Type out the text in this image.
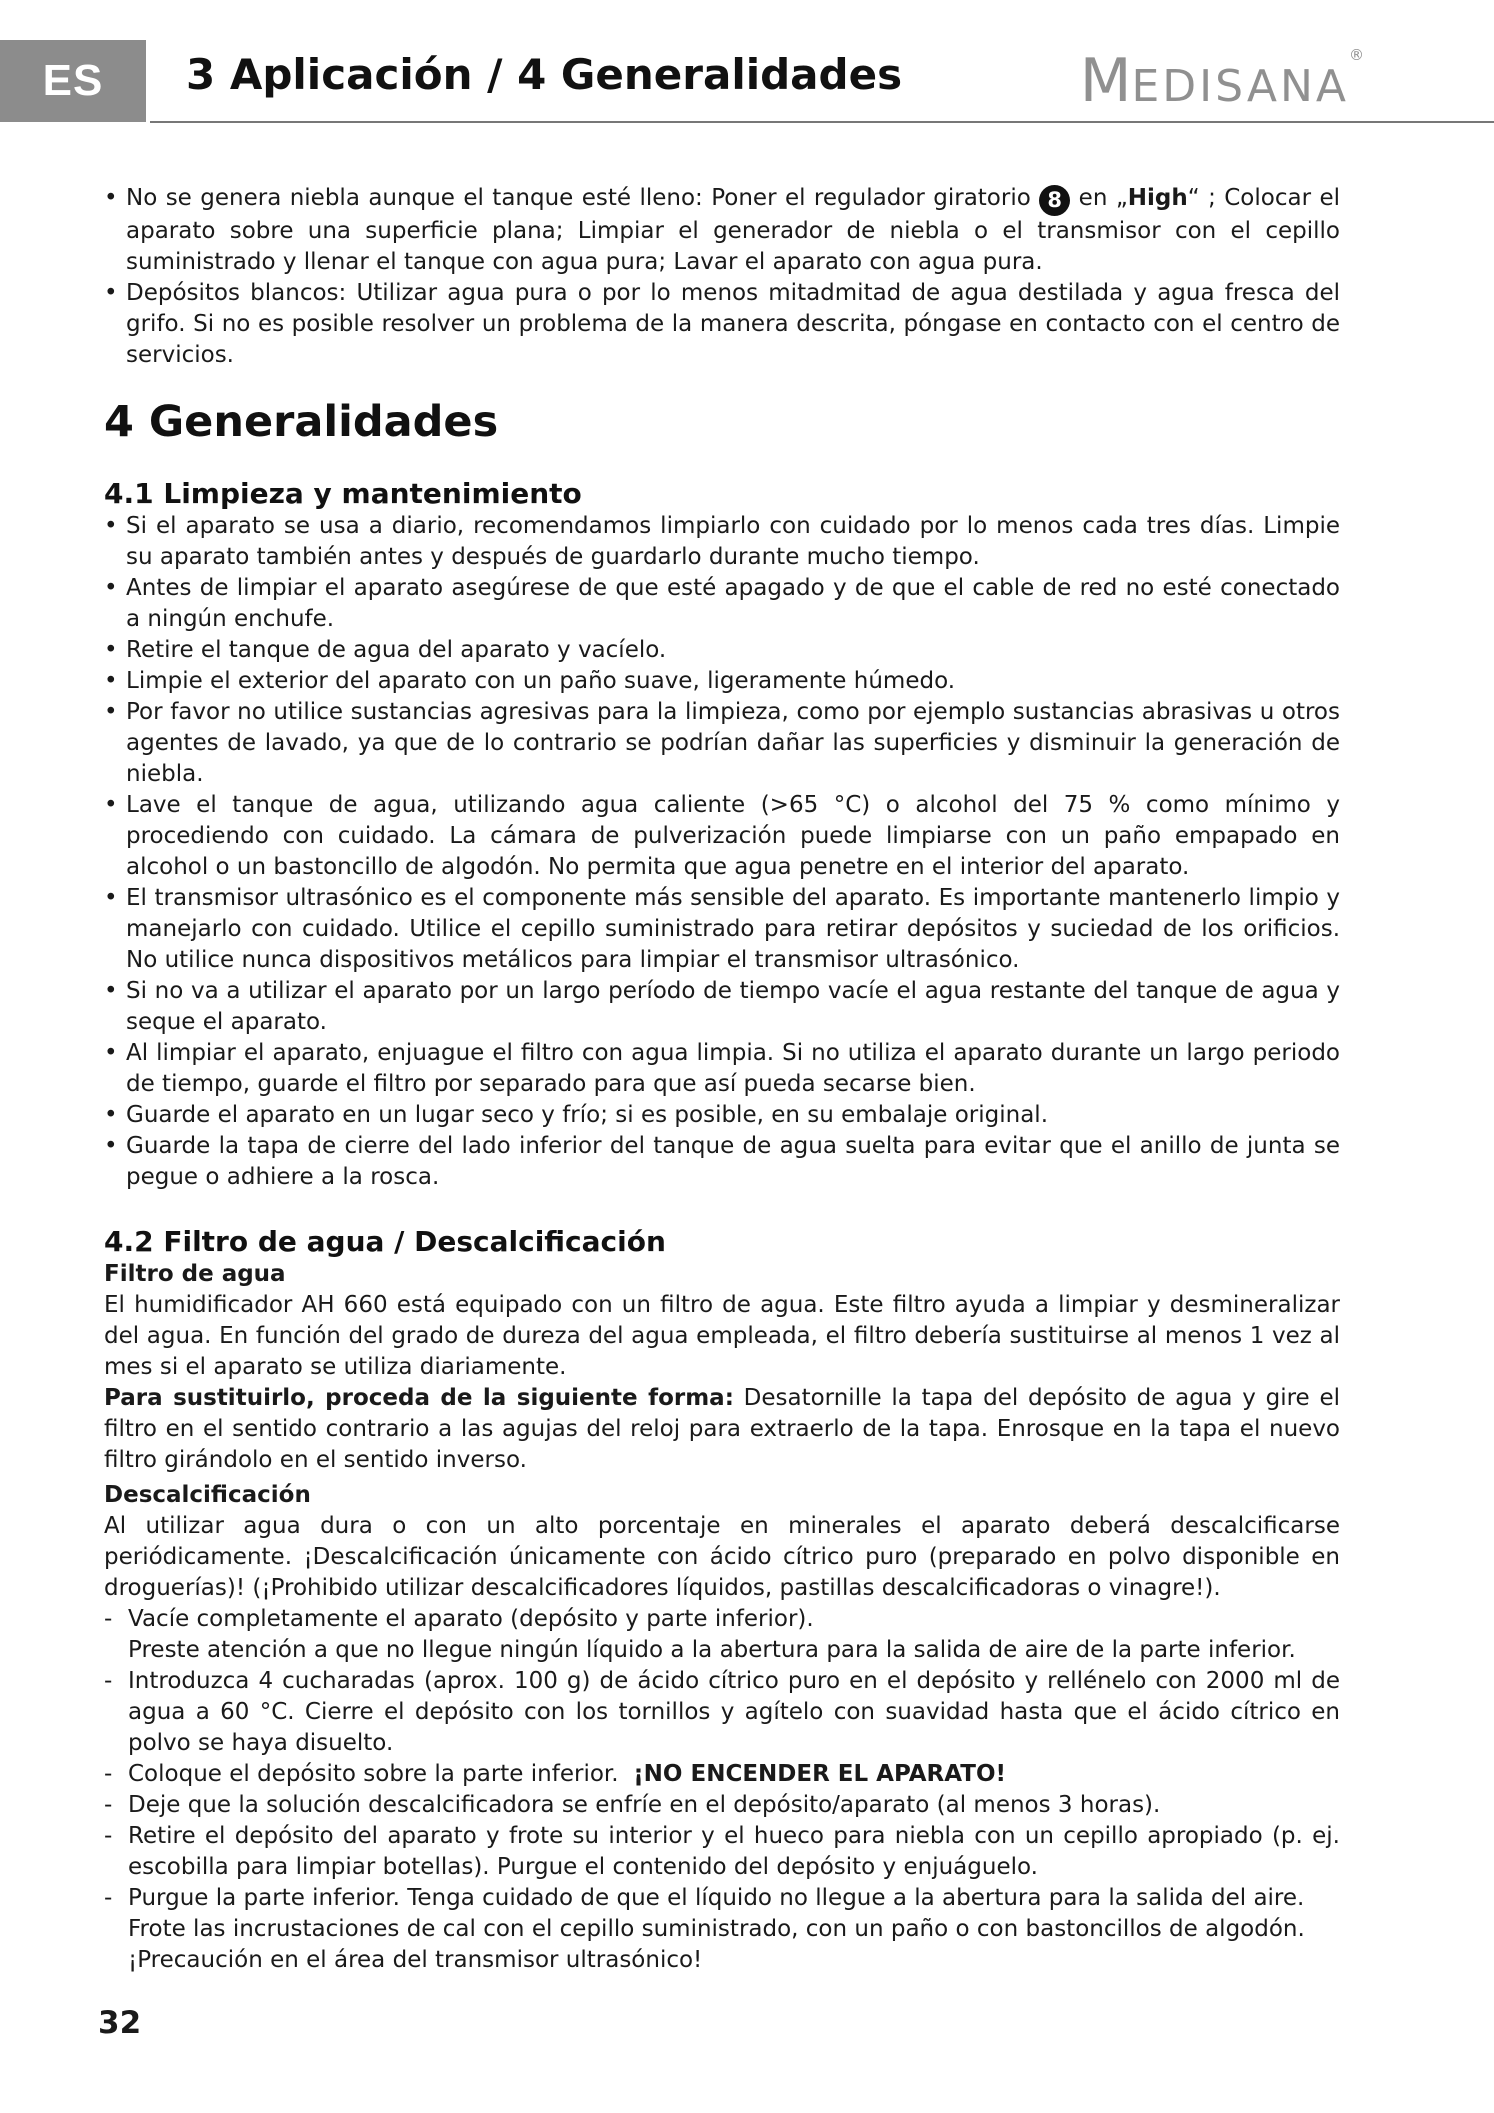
ES	3 Aplicación / 4 Generalidades	MEDISANA®
• No se genera niebla aunque el tanque esté lleno: Poner el regulador giratorio 8 en „High“ ; Colocar el aparato sobre una superficie plana; Limpiar el generador de niebla o el transmisor con el cepillo suministrado y llenar el tanque con agua pura; Lavar el aparato con agua pura.
• Depósitos blancos: Utilizar agua pura o por lo menos mitadmitad de agua destilada y agua fresca del grifo. Si no es posible resolver un problema de la manera descrita, póngase en contacto con el centro de servicios.
4 Generalidades
4.1 Limpieza y mantenimiento
• Si el aparato se usa a diario, recomendamos limpiarlo con cuidado por lo menos cada tres días. Limpie su aparato también antes y después de guardarlo durante mucho tiempo.
• Antes de limpiar el aparato asegúrese de que esté apagado y de que el cable de red no esté conectado a ningún enchufe.
• Retire el tanque de agua del aparato y vacíelo.
• Limpie el exterior del aparato con un paño suave, ligeramente húmedo.
• Por favor no utilice sustancias agresivas para la limpieza, como por ejemplo sustancias abrasivas u otros agentes de lavado, ya que de lo contrario se podrían dañar las superficies y disminuir la generación de niebla.
• Lave el tanque de agua, utilizando agua caliente (>65 °C) o alcohol del 75 % como mínimo y procediendo con cuidado. La cámara de pulverización puede limpiarse con un paño empapado en alcohol o un bastoncillo de algodón. No permita que agua penetre en el interior del aparato.
• El transmisor ultrasónico es el componente más sensible del aparato. Es importante mantenerlo limpio y manejarlo con cuidado. Utilice el cepillo suministrado para retirar depósitos y suciedad de los orificios. No utilice nunca dispositivos metálicos para limpiar el transmisor ultrasónico.
• Si no va a utilizar el aparato por un largo período de tiempo vacíe el agua restante del tanque de agua y seque el aparato.
• Al limpiar el aparato, enjuague el filtro con agua limpia. Si no utiliza el aparato durante un largo periodo de tiempo, guarde el filtro por separado para que así pueda secarse bien.
• Guarde el aparato en un lugar seco y frío; si es posible, en su embalaje original.
• Guarde la tapa de cierre del lado inferior del tanque de agua suelta para evitar que el anillo de junta se pegue o adhiere a la rosca.
4.2 Filtro de agua / Descalcificación
Filtro de agua

El humidificador AH 660 está equipado con un filtro de agua. Este filtro ayuda a limpiar y desmineralizar del agua. En función del grado de dureza del agua empleada, el filtro debería sustituirse al menos 1 vez al mes si el aparato se utiliza diariamente.

Para sustituirlo, proceda de la siguiente forma: Desatornille la tapa del depósito de agua y gire el filtro en el sentido contrario a las agujas del reloj para extraerlo de la tapa. Enrosque en la tapa el nuevo filtro girándolo en el sentido inverso.

Descalcificación

Al utilizar agua dura o con un alto porcentaje en minerales el aparato deberá descalcificarse periódicamente. ¡Descalcificación únicamente con ácido cítrico puro (preparado en polvo disponible en droguerías)! (¡Prohibido utilizar descalcificadores líquidos, pastillas descalcificadoras o vinagre!).

- Vacíe completamente el aparato (depósito y parte inferior).
Preste atención a que no llegue ningún líquido a la abertura para la salida de aire de la parte inferior.
- Introduzca 4 cucharadas (aprox. 100 g) de ácido cítrico puro en el depósito y rellénelo con 2000 ml de agua a 60 °C. Cierre el depósito con los tornillos y agítelo con suavidad hasta que el ácido cítrico en polvo se haya disuelto.
- Coloque el depósito sobre la parte inferior. ¡NO ENCENDER EL APARATO!
- Deje que la solución descalcificadora se enfríe en el depósito/aparato (al menos 3 horas).
- Retire el depósito del aparato y frote su interior y el hueco para niebla con un cepillo apropiado (p. ej. escobilla para limpiar botellas). Purgue el contenido del depósito y enjuáguelo.
- Purgue la parte inferior. Tenga cuidado de que el líquido no llegue a la abertura para la salida del aire.
Frote las incrustaciones de cal con el cepillo suministrado, con un paño o con bastoncillos de algodón.
¡Precaución en el área del transmisor ultrasónico!
32
